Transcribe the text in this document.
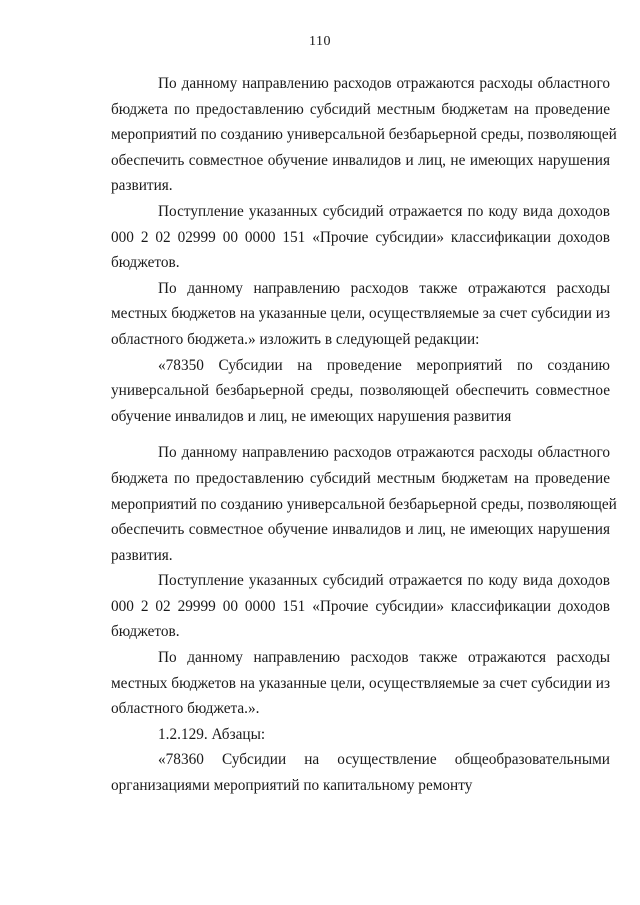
110
По данному направлению расходов отражаются расходы областного
бюджета по предоставлению субсидий местным бюджетам на проведение
мероприятий по созданию универсальной безбарьерной среды, позволяющей
обеспечить совместное обучение инвалидов и лиц, не имеющих нарушения
развития.
Поступление указанных субсидий отражается по коду вида доходов
000 2 02 02999 00 0000 151 «Прочие субсидии» классификации доходов
бюджетов.
По данному направлению расходов также отражаются расходы
местных бюджетов на указанные цели, осуществляемые за счет субсидии из
областного бюджета.» изложить в следующей редакции:
«78350 Субсидии на проведение мероприятий по созданию
универсальной безбарьерной среды, позволяющей обеспечить совместное
обучение инвалидов и лиц, не имеющих нарушения развития
По данному направлению расходов отражаются расходы областного
бюджета по предоставлению субсидий местным бюджетам на проведение
мероприятий по созданию универсальной безбарьерной среды, позволяющей
обеспечить совместное обучение инвалидов и лиц, не имеющих нарушения
развития.
Поступление указанных субсидий отражается по коду вида доходов
000 2 02 29999 00 0000 151 «Прочие субсидии» классификации доходов
бюджетов.
По данному направлению расходов также отражаются расходы
местных бюджетов на указанные цели, осуществляемые за счет субсидии из
областного бюджета.».
1.2.129. Абзацы:
«78360 Субсидии на осуществление общеобразовательными
организациями мероприятий по капитальному ремонту
